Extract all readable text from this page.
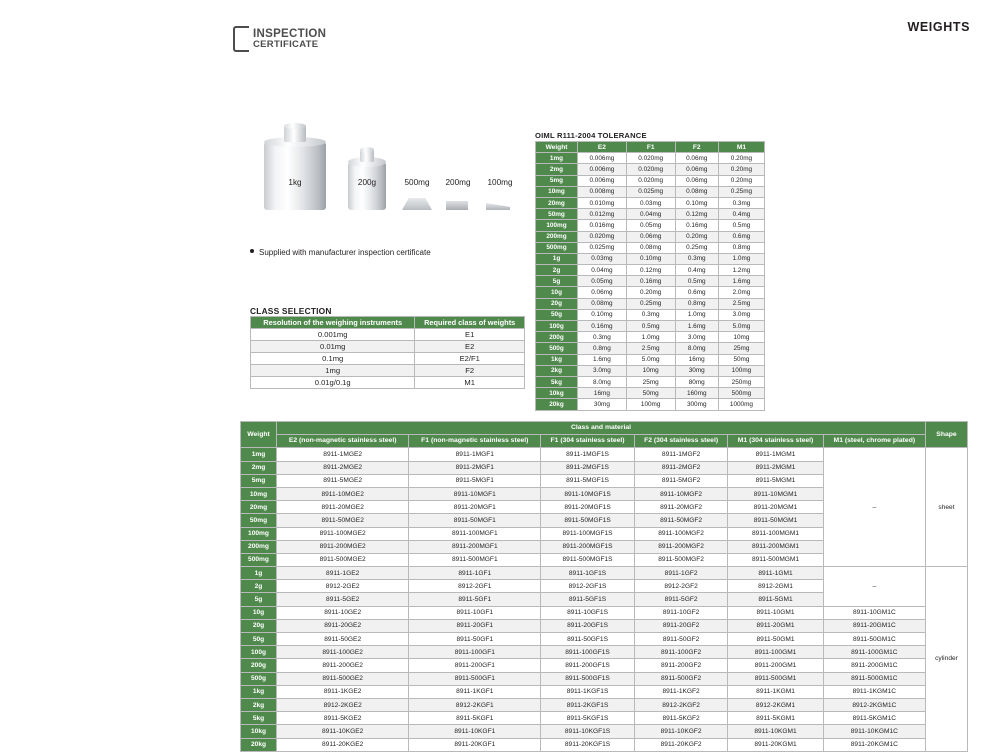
INSPECTION
CERTIFICATE
WEIGHTS
1kg	200g	500mg	200mg	100mg
Supplied with manufacturer inspection certificate
CLASS SELECTION
Resolution of the weighing instruments	Required class of weights
0.001mg	E1
0.01mg	E2
0.1mg	E2/F1
1mg	F2
0.01g/0.1g	M1
OIML R111-2004 TOLERANCE
Weight	E2	F1	F2	M1
1mg	0.006mg	0.020mg	0.06mg	0.20mg
2mg	0.006mg	0.020mg	0.06mg	0.20mg
5mg	0.006mg	0.020mg	0.06mg	0.20mg
10mg	0.008mg	0.025mg	0.08mg	0.25mg
20mg	0.010mg	0.03mg	0.10mg	0.3mg
50mg	0.012mg	0.04mg	0.12mg	0.4mg
100mg	0.016mg	0.05mg	0.16mg	0.5mg
200mg	0.020mg	0.06mg	0.20mg	0.6mg
500mg	0.025mg	0.08mg	0.25mg	0.8mg
1g	0.03mg	0.10mg	0.3mg	1.0mg
2g	0.04mg	0.12mg	0.4mg	1.2mg
5g	0.05mg	0.16mg	0.5mg	1.6mg
10g	0.06mg	0.20mg	0.6mg	2.0mg
20g	0.08mg	0.25mg	0.8mg	2.5mg
50g	0.10mg	0.3mg	1.0mg	3.0mg
100g	0.16mg	0.5mg	1.6mg	5.0mg
200g	0.3mg	1.0mg	3.0mg	10mg
500g	0.8mg	2.5mg	8.0mg	25mg
1kg	1.6mg	5.0mg	16mg	50mg
2kg	3.0mg	10mg	30mg	100mg
5kg	8.0mg	25mg	80mg	250mg
10kg	16mg	50mg	160mg	500mg
20kg	30mg	100mg	300mg	1000mg
Weight	Class and material						Shape
	E2 (non-magnetic stainless steel)	F1 (non-magnetic stainless steel)	F1 (304 stainless steel)	F2 (304 stainless steel)	M1 (304 stainless steel)	M1 (steel, chrome plated)	
1mg	8911-1MGE2	8911-1MGF1	8911-1MGF1S	8911-1MGF2	8911-1MGM1	–	sheet
2mg	8911-2MGE2	8911-2MGF1	8911-2MGF1S	8911-2MGF2	8911-2MGM1		
5mg	8911-5MGE2	8911-5MGF1	8911-5MGF1S	8911-5MGF2	8911-5MGM1		
10mg	8911-10MGE2	8911-10MGF1	8911-10MGF1S	8911-10MGF2	8911-10MGM1		
20mg	8911-20MGE2	8911-20MGF1	8911-20MGF1S	8911-20MGF2	8911-20MGM1		
50mg	8911-50MGE2	8911-50MGF1	8911-50MGF1S	8911-50MGF2	8911-50MGM1		
100mg	8911-100MGE2	8911-100MGF1	8911-100MGF1S	8911-100MGF2	8911-100MGM1		
200mg	8911-200MGE2	8911-200MGF1	8911-200MGF1S	8911-200MGF2	8911-200MGM1		
500mg	8911-500MGE2	8911-500MGF1	8911-500MGF1S	8911-500MGF2	8911-500MGM1		
1g	8911-1GE2	8911-1GF1	8911-1GF1S	8911-1GF2	8911-1GM1	–	cylinder
2g	8912-2GE2	8912-2GF1	8912-2GF1S	8912-2GF2	8912-2GM1		
5g	8911-5GE2	8911-5GF1	8911-5GF1S	8911-5GF2	8911-5GM1		
10g	8911-10GE2	8911-10GF1	8911-10GF1S	8911-10GF2	8911-10GM1	8911-10GM1C	
20g	8911-20GE2	8911-20GF1	8911-20GF1S	8911-20GF2	8911-20GM1	8911-20GM1C	
50g	8911-50GE2	8911-50GF1	8911-50GF1S	8911-50GF2	8911-50GM1	8911-50GM1C	
100g	8911-100GE2	8911-100GF1	8911-100GF1S	8911-100GF2	8911-100GM1	8911-100GM1C	
200g	8911-200GE2	8911-200GF1	8911-200GF1S	8911-200GF2	8911-200GM1	8911-200GM1C	
500g	8911-500GE2	8911-500GF1	8911-500GF1S	8911-500GF2	8911-500GM1	8911-500GM1C	
1kg	8911-1KGE2	8911-1KGF1	8911-1KGF1S	8911-1KGF2	8911-1KGM1	8911-1KGM1C	
2kg	8912-2KGE2	8912-2KGF1	8911-2KGF1S	8912-2KGF2	8912-2KGM1	8912-2KGM1C	
5kg	8911-5KGE2	8911-5KGF1	8911-5KGF1S	8911-5KGF2	8911-5KGM1	8911-5KGM1C	
10kg	8911-10KGE2	8911-10KGF1	8911-10KGF1S	8911-10KGF2	8911-10KGM1	8911-10KGM1C	
20kg	8911-20KGE2	8911-20KGF1	8911-20KGF1S	8911-20KGF2	8911-20KGM1	8911-20KGM1C	
